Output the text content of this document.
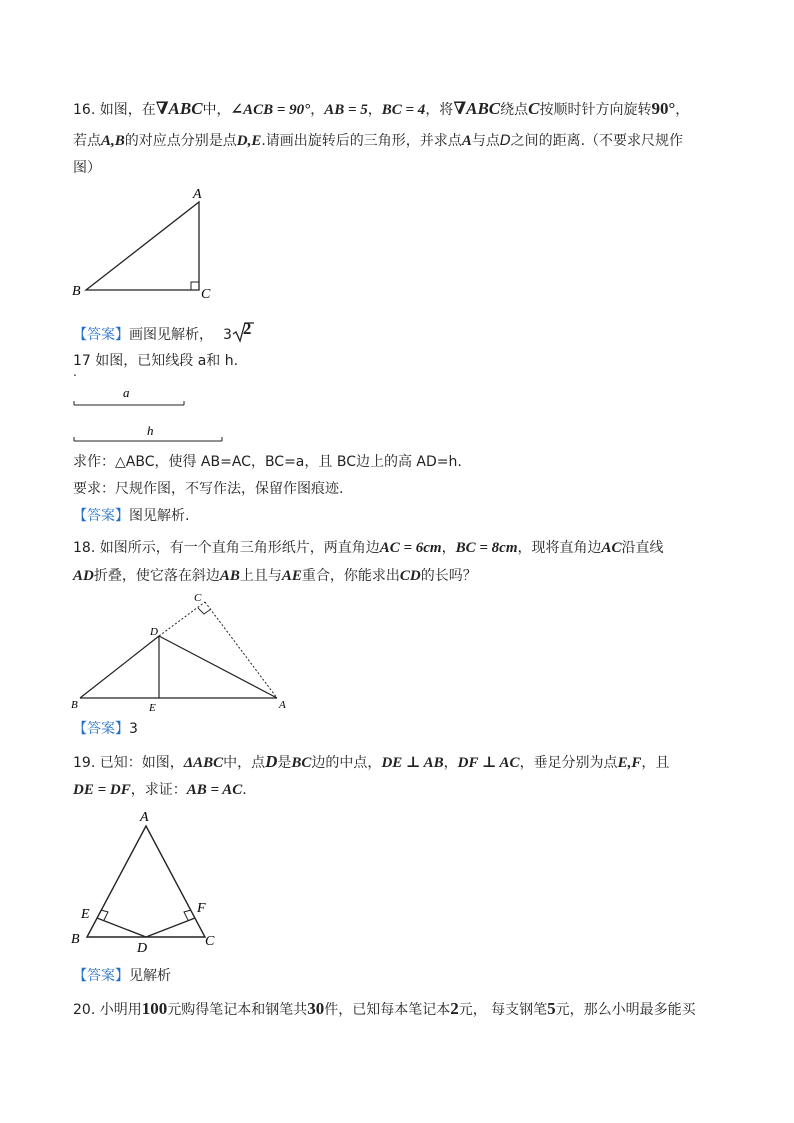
16. 如图，在∇ABC中，∠ACB = 90°，AB = 5，BC = 4，将∇ABC绕点C按顺时针方向旋转90°，
若点A,B的对应点分别是点D,E.请画出旋转后的三角形，并求点A与点D之间的距离.（不要求尺规作
图）
A
B	C
【答案】画图见解析， 3 2
17 如图，已知线段 a和 h.
.
a
h
求作：△ABC，使得 AB=AC，BC=a，且 BC边上的高 AD=h.
要求：尺规作图，不写作法，保留作图痕迹.
【答案】图见解析.
18. 如图所示，有一个直角三角形纸片，两直角边AC = 6cm，BC = 8cm，现将直角边AC沿直线
AD折叠，使它落在斜边AB上且与AE重合，你能求出CD的长吗？
C
D
B	E	A
【答案】3
19. 已知：如图，ΔABC中，点D是BC边的中点，DE ⊥ AB，DF ⊥ AC，垂足分别为点E,F，且
DE = DF，求证：AB = AC.
A
E	F
B
D	C
【答案】见解析
20. 小明用100元购得笔记本和钢笔共30件，已知每本笔记本2元， 每支钢笔5元，那么小明最多能买
